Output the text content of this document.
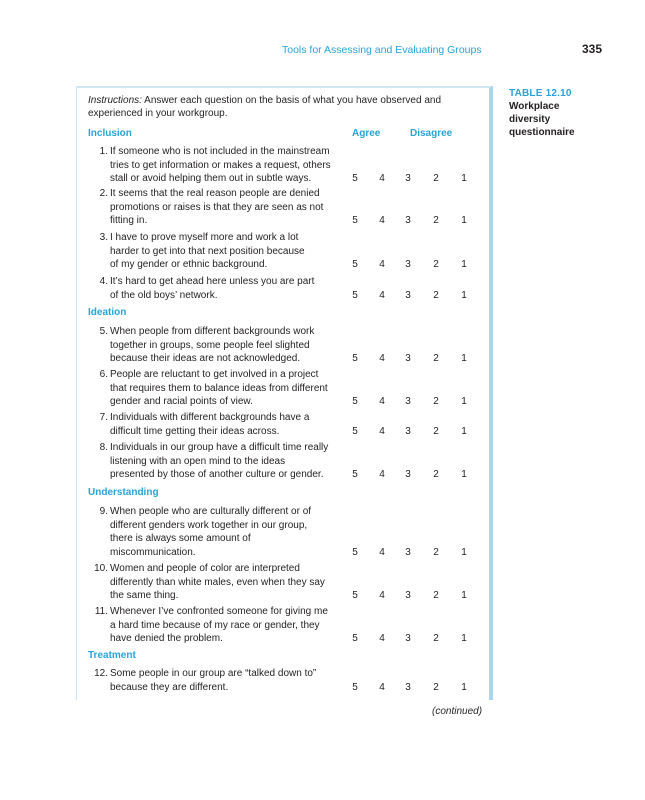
Tools for Assessing and Evaluating Groups	335
TABLE 12.10
Workplace
diversity
questionnaire
Instructions: Answer each question on the basis of what you have observed and experienced in your workgroup.
Agree	Disagree
Inclusion
1. If someone who is not included in the mainstream
tries to get information or makes a request, others
stall or avoid helping them out in subtle ways.	5	4	3	2	1
2. It seems that the real reason people are denied
promotions or raises is that they are seen as not
fitting in.	5	4	3	2	1
3. I have to prove myself more and work a lot
harder to get into that next position because
of my gender or ethnic background.	5	4	3	2	1
4. It’s hard to get ahead here unless you are part
of the old boys’ network.	5	4	3	2	1
Ideation
5. When people from different backgrounds work
together in groups, some people feel slighted
because their ideas are not acknowledged.	5	4	3	2	1
6. People are reluctant to get involved in a project
that requires them to balance ideas from different
gender and racial points of view.	5	4	3	2	1
7. Individuals with different backgrounds have a
difficult time getting their ideas across.	5	4	3	2	1
8. Individuals in our group have a difficult time really
listening with an open mind to the ideas
presented by those of another culture or gender.	5	4	3	2	1
Understanding
9. When people who are culturally different or of
different genders work together in our group,
there is always some amount of
miscommunication.	5	4	3	2	1
10. Women and people of color are interpreted
differently than white males, even when they say
the same thing.	5	4	3	2	1
11. Whenever I’ve confronted someone for giving me
a hard time because of my race or gender, they
have denied the problem.	5	4	3	2	1
Treatment
12. Some people in our group are “talked down to”
because they are different.	5	4	3	2	1
(continued)
